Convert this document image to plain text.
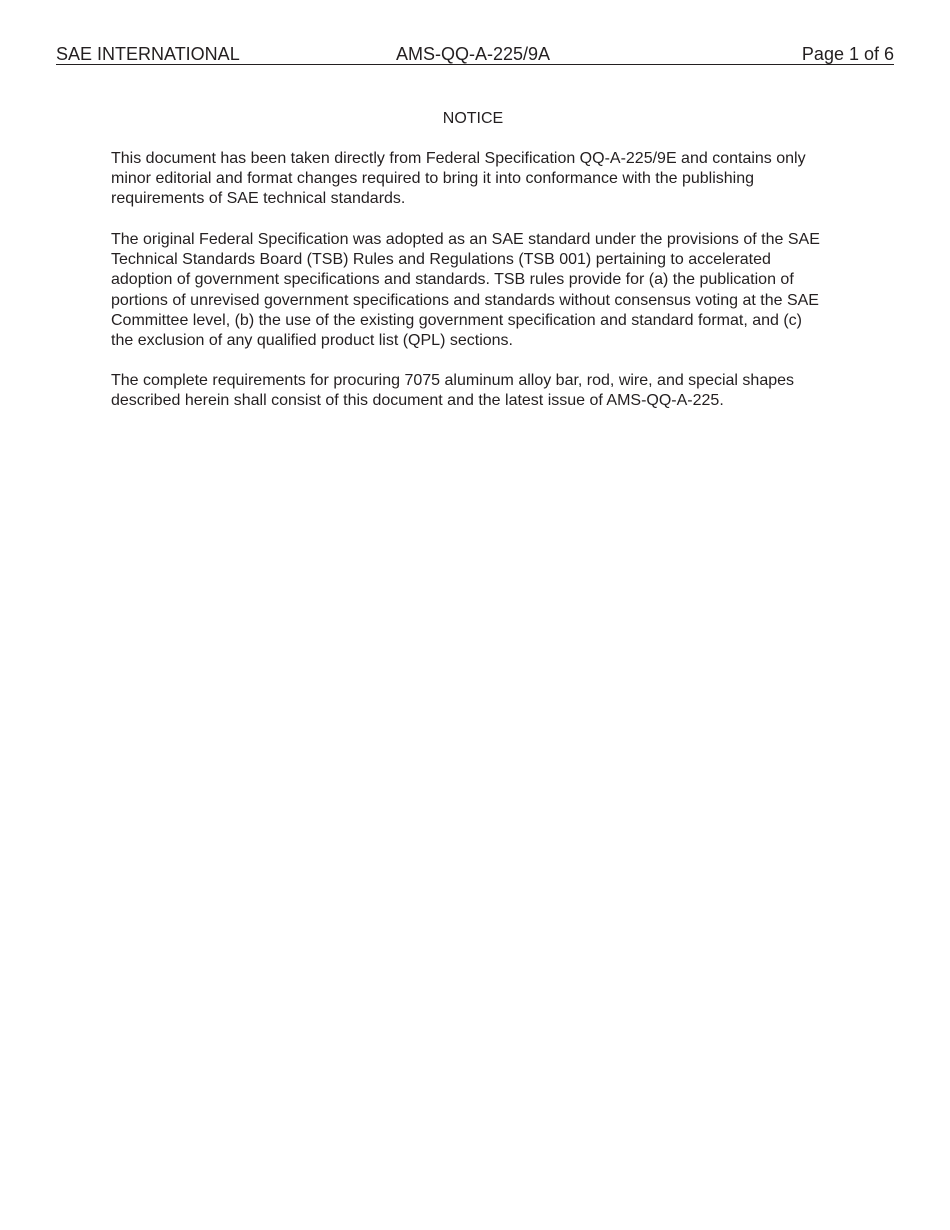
SAE INTERNATIONAL	AMS-QQ-A-225/9A	Page 1 of 6
NOTICE

This document has been taken directly from Federal Specification QQ-A-225/9E and contains only
minor editorial and format changes required to bring it into conformance with the publishing
requirements of SAE technical standards.

The original Federal Specification was adopted as an SAE standard under the provisions of the SAE
Technical Standards Board (TSB) Rules and Regulations (TSB 001) pertaining to accelerated
adoption of government specifications and standards. TSB rules provide for (a) the publication of
portions of unrevised government specifications and standards without consensus voting at the SAE
Committee level, (b) the use of the existing government specification and standard format, and (c)
the exclusion of any qualified product list (QPL) sections.

The complete requirements for procuring 7075 aluminum alloy bar, rod, wire, and special shapes
described herein shall consist of this document and the latest issue of AMS-QQ-A-225.
